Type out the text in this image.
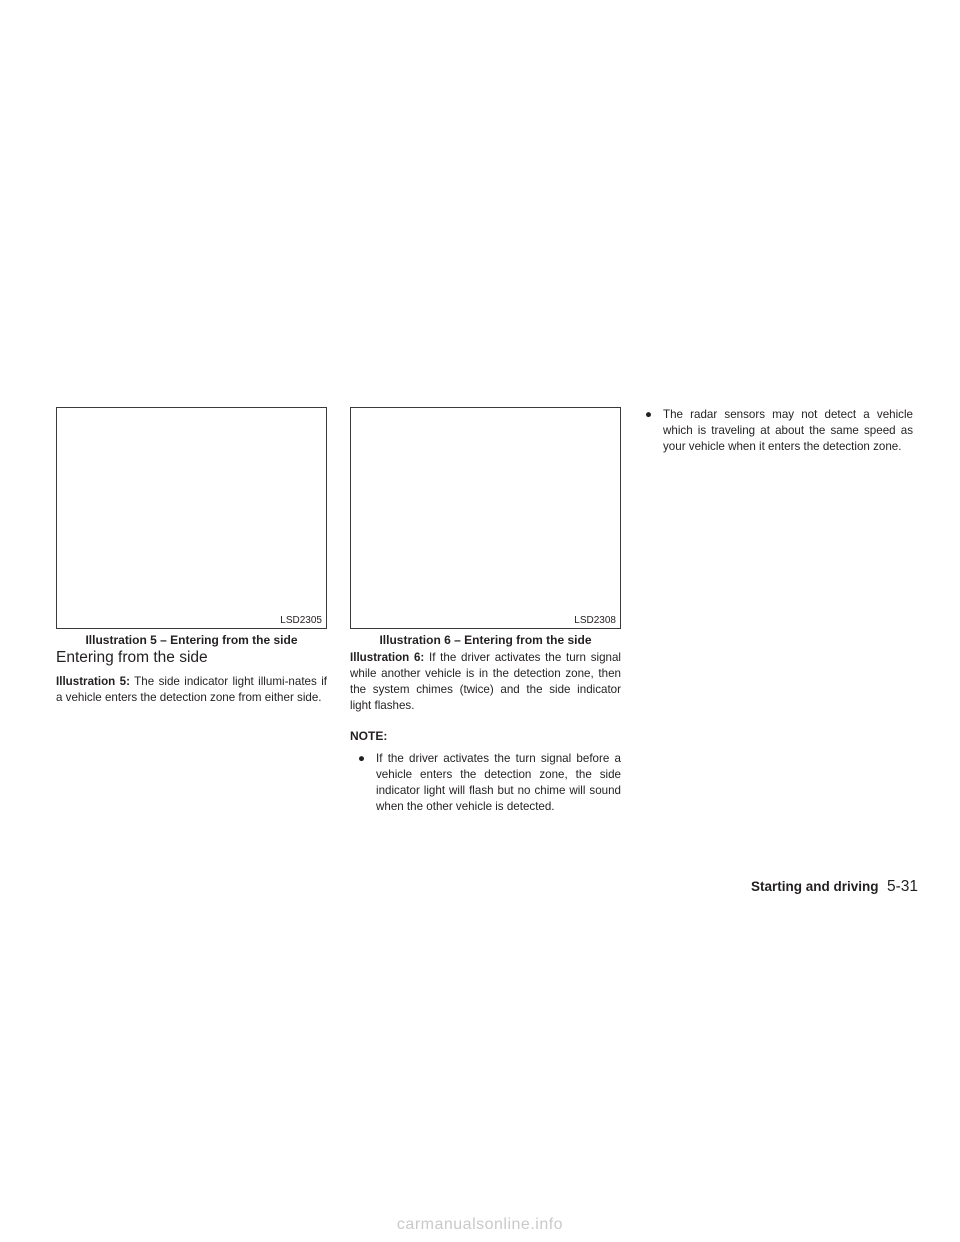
LSD2305
Illustration 5 – Entering from the side
LSD2308
Illustration 6 – Entering from the side
Entering from the side

Illustration 5: The side indicator light illumi-nates if a vehicle enters the detection zone from either side.

Illustration 6: If the driver activates the turn signal while another vehicle is in the detection zone, then the system chimes (twice) and the side indicator light flashes.

NOTE:
● If the driver activates the turn signal before a vehicle enters the detection zone, the side indicator light will flash but no chime will sound when the other vehicle is detected.
● The radar sensors may not detect a vehicle which is traveling at about the same speed as your vehicle when it enters the detection zone.
Starting and driving 5-31
carmanualsonline.info
